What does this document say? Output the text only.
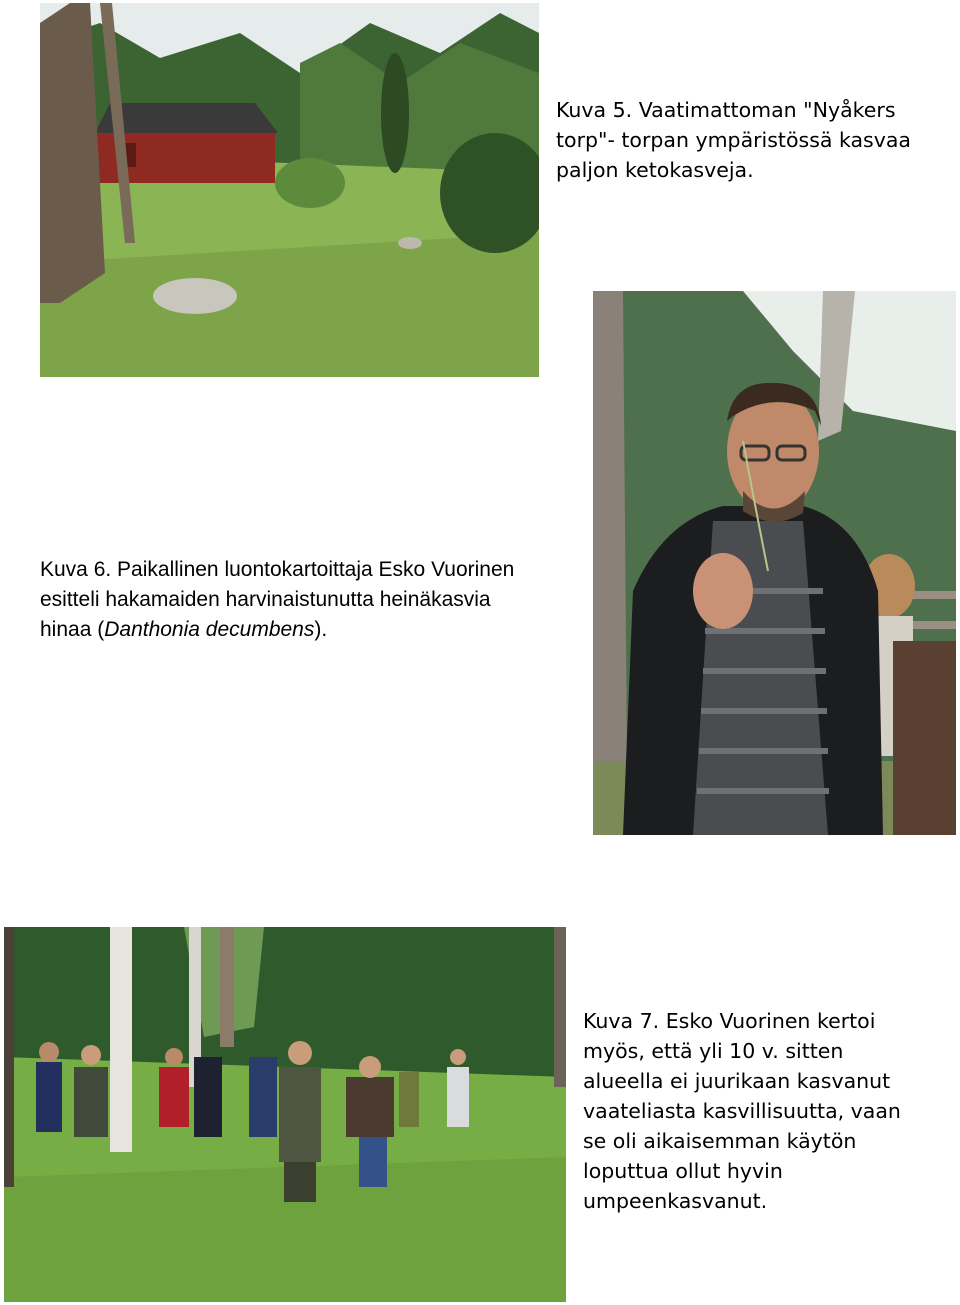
Kuva 5. Vaatimattoman "Nyåkers
torp"- torpan ympäristössä kasvaa
paljon ketokasveja.

Kuva 6. Paikallinen luontokartoittaja Esko Vuorinen
esitteli hakamaiden harvinaistunutta heinäkasvia
hinaa (Danthonia decumbens).

Kuva 7. Esko Vuorinen kertoi
myös, että yli 10 v. sitten
alueella ei juurikaan kasvanut
vaateliasta kasvillisuutta, vaan
se oli aikaisemman käytön
loputtua ollut hyvin
umpeenkasvanut.
